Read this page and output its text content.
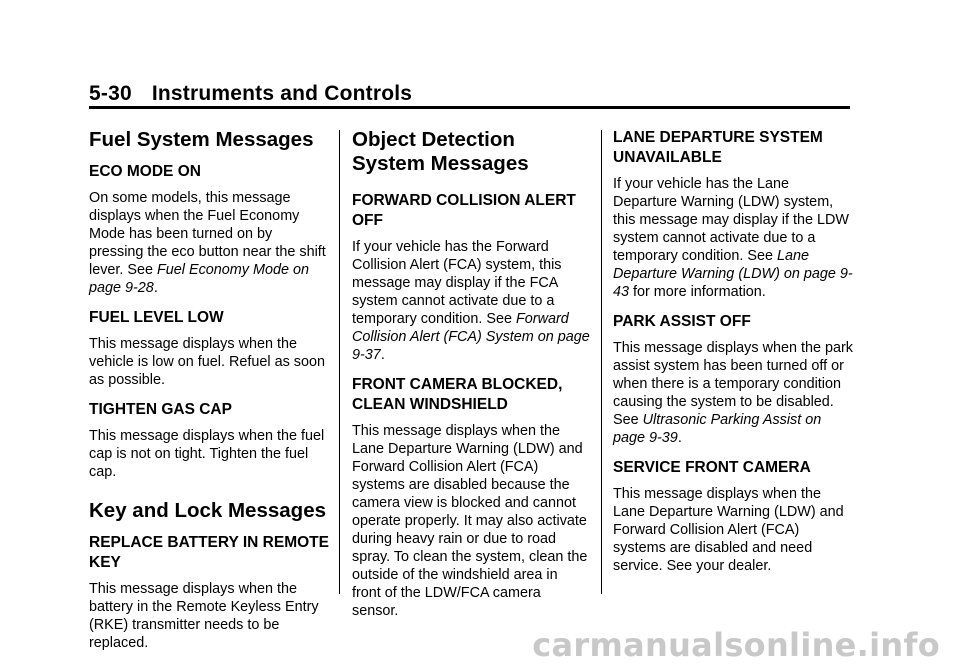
5-30 Instruments and Controls
Fuel System Messages
ECO MODE ON

On some models, this message displays when the Fuel Economy Mode has been turned on by pressing the eco button near the shift lever. See Fuel Economy Mode on page 9-28.

FUEL LEVEL LOW

This message displays when the vehicle is low on fuel. Refuel as soon as possible.

TIGHTEN GAS CAP

This message displays when the fuel cap is not on tight. Tighten the fuel cap.

Key and Lock Messages
REPLACE BATTERY IN REMOTE KEY

This message displays when the battery in the Remote Keyless Entry (RKE) transmitter needs to be replaced.

Object Detection System Messages
FORWARD COLLISION ALERT OFF

If your vehicle has the Forward Collision Alert (FCA) system, this message may display if the FCA system cannot activate due to a temporary condition. See Forward Collision Alert (FCA) System on page 9-37.

FRONT CAMERA BLOCKED, CLEAN WINDSHIELD

This message displays when the Lane Departure Warning (LDW) and Forward Collision Alert (FCA) systems are disabled because the camera view is blocked and cannot operate properly. It may also activate during heavy rain or due to road spray. To clean the system, clean the outside of the windshield area in front of the LDW/FCA camera sensor.

LANE DEPARTURE SYSTEM UNAVAILABLE

If your vehicle has the Lane Departure Warning (LDW) system, this message may display if the LDW system cannot activate due to a temporary condition. See Lane Departure Warning (LDW) on page 9-43 for more information.

PARK ASSIST OFF

This message displays when the park assist system has been turned off or when there is a temporary condition causing the system to be disabled. See Ultrasonic Parking Assist on page 9-39.

SERVICE FRONT CAMERA

This message displays when the Lane Departure Warning (LDW) and Forward Collision Alert (FCA) systems are disabled and need service. See your dealer.

carmanualsonline.info
